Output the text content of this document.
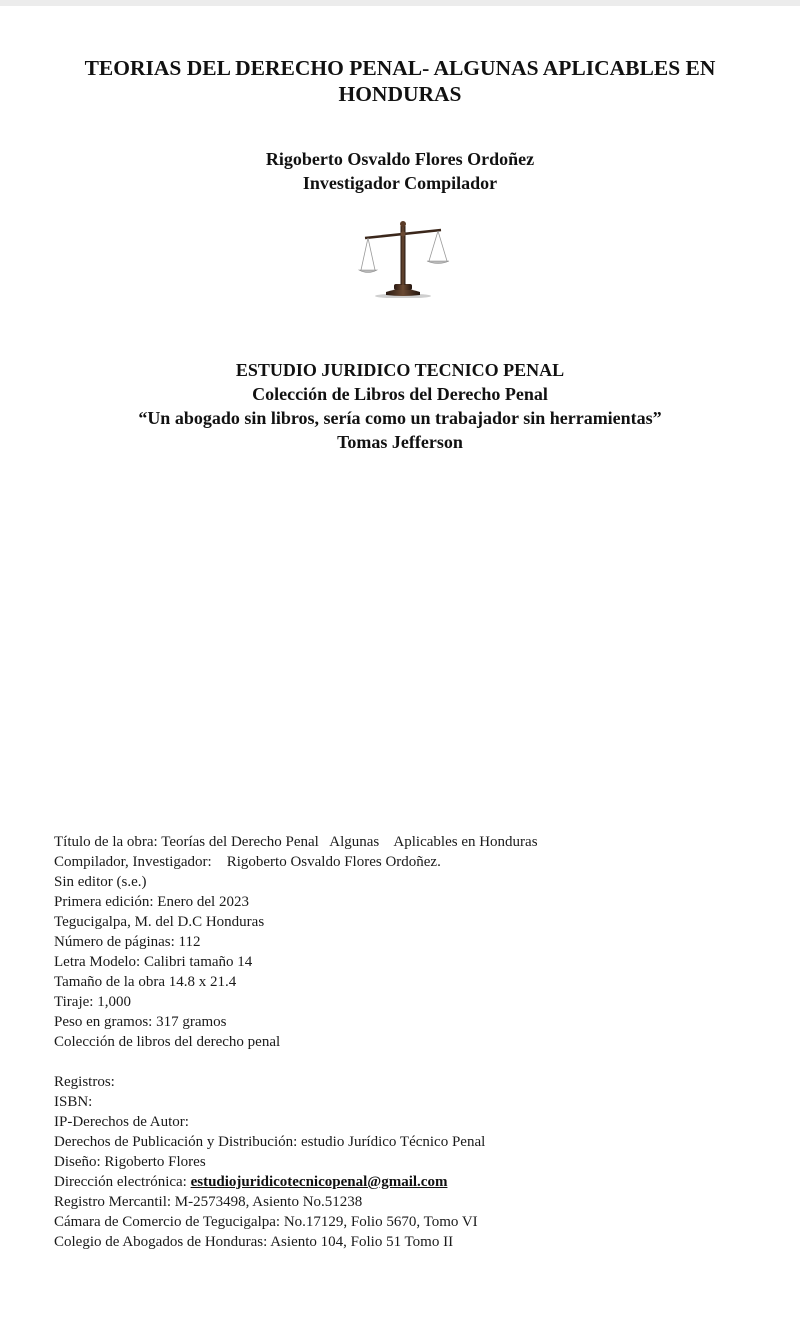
TEORIAS DEL DERECHO PENAL- ALGUNAS APLICABLES EN
HONDURAS
Rigoberto Osvaldo Flores Ordoñez
Investigador Compilador
ESTUDIO JURIDICO TECNICO PENAL
Colección de Libros del Derecho Penal
“Un abogado sin libros, sería como un trabajador sin herramientas”
Tomas Jefferson
Título de la obra: Teorías del Derecho Penal   Algunas    Aplicables en Honduras
Compilador, Investigador:    Rigoberto Osvaldo Flores Ordoñez.
Sin editor (s.e.)
Primera edición: Enero del 2023
Tegucigalpa, M. del D.C Honduras
Número de páginas: 112
Letra Modelo: Calibri tamaño 14
Tamaño de la obra 14.8 x 21.4
Tiraje: 1,000
Peso en gramos: 317 gramos
Colección de libros del derecho penal
Registros:
ISBN:
IP-Derechos de Autor:
Derechos de Publicación y Distribución: estudio Jurídico Técnico Penal
Diseño: Rigoberto Flores
Dirección electrónica: estudiojuridicotecnicopenal@gmail.com
Registro Mercantil: M-2573498, Asiento No.51238
Cámara de Comercio de Tegucigalpa: No.17129, Folio 5670, Tomo VI
Colegio de Abogados de Honduras: Asiento 104, Folio 51 Tomo II
